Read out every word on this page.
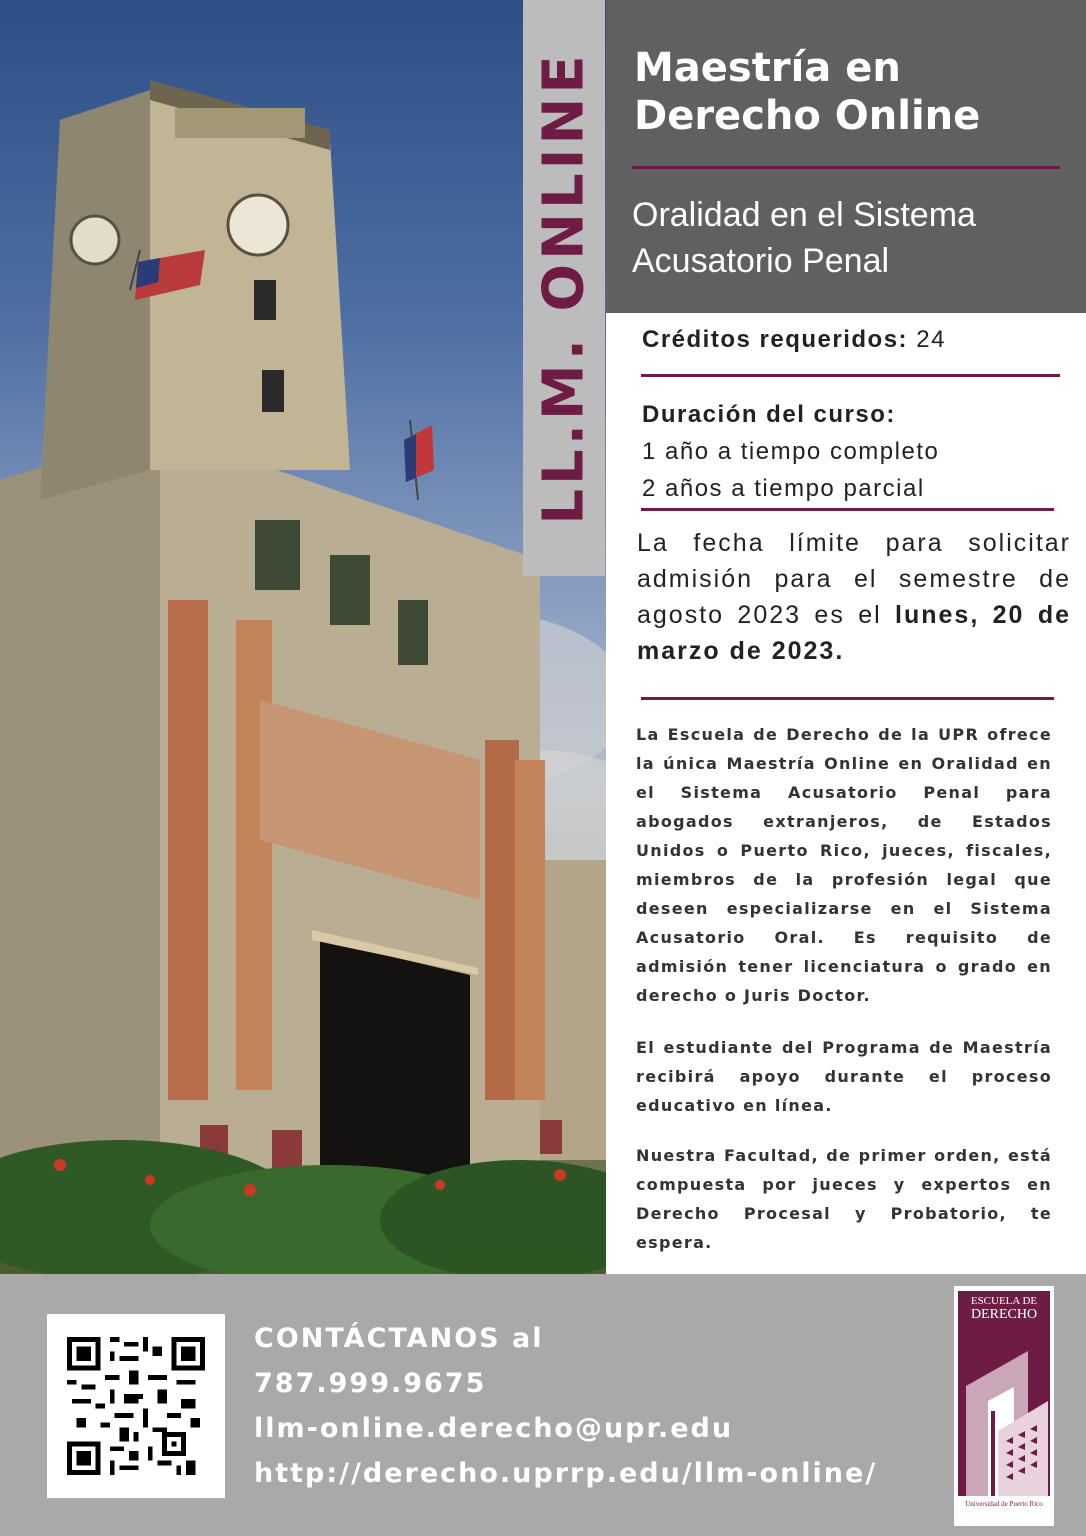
LL.M. ONLINE Maestría en
Derecho Online
Oralidad en el Sistema
Acusatorio Penal
Créditos requeridos: 24
Duración del curso:
1 año a tiempo completo
2 años a tiempo parcial
La fecha límite para solicitar admisión para el semestre de agosto 2023 es el lunes, 20 de marzo de 2023.

La Escuela de Derecho de la UPR ofrece la única Maestría Online en Oralidad en el Sistema Acusatorio Penal para abogados extranjeros, de Estados Unidos o Puerto Rico, jueces, fiscales, miembros de la profesión legal que deseen especializarse en el Sistema Acusatorio Oral. Es requisito de admisión tener licenciatura o grado en derecho o Juris Doctor.

El estudiante del Programa de Maestría recibirá apoyo durante el proceso educativo en línea.

Nuestra Facultad, de primer orden, está compuesta por jueces y expertos en Derecho Procesal y Probatorio, te espera.

CONTÁCTANOS al
787.999.9675
llm-online.derecho@upr.edu
http://derecho.uprrp.edu/llm-online/
ESCUELA DE
DERECHO
Universidad de Puerto Rico
